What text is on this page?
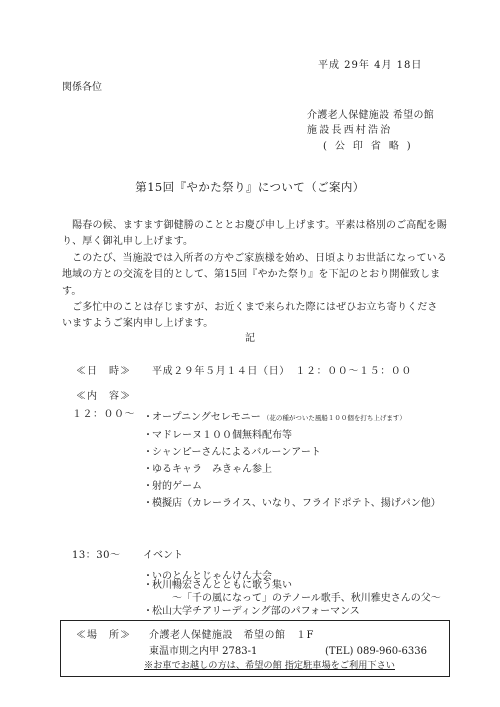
平成 29年 4月 18日
関係各位
介護老人保健施設 希望の館
施設長西村浩治
( 公 印 省 略 )
第15回『やかた祭り』について（ご案内）

　陽春の候、ますます御健勝のこととお慶び申し上げます。平素は格別のご高配を賜り、厚く御礼申し上げます。

　このたび、当施設では入所者の方やご家族様を始め、日頃よりお世話になっている地域の方との交流を目的として、第15回『やかた祭り』を下記のとおり開催致します。

　ご多忙中のことは存じますが、お近くまで来られた際にはぜひお立ち寄りくださいますようご案内申し上げます。

記
≪日　時≫ 平成２９年５月１４日（日）　１２：００～１５：００
≪内　容≫
１２：００～ ・ オープニングセレモニー （花の種がついた風船１００個を打ち上げます）
・ マドレーヌ１００個無料配布等
・ シャンピーさんによるバルーンアート
・ ゆるキャラ　みきゃん参上
・ 射的ゲーム
・ 模擬店（カレーライス、いなり、フライドポテト、揚げパン他）
13：30～ イベント
・ いのとんとじゃんけん大会
・秋川暢宏さんとともに歌う集い
～「千の風になって」のテノール歌手、秋川雅史さんの父～
・松山大学チアリーディング部のパフォーマンス
≪場　所≫ 介護老人保健施設　希望の館　１F
東温市則之内甲 2783-1	(TEL) 089-960-6336
※お車でお越しの方は、希望の館 指定駐車場をご利用下さい
